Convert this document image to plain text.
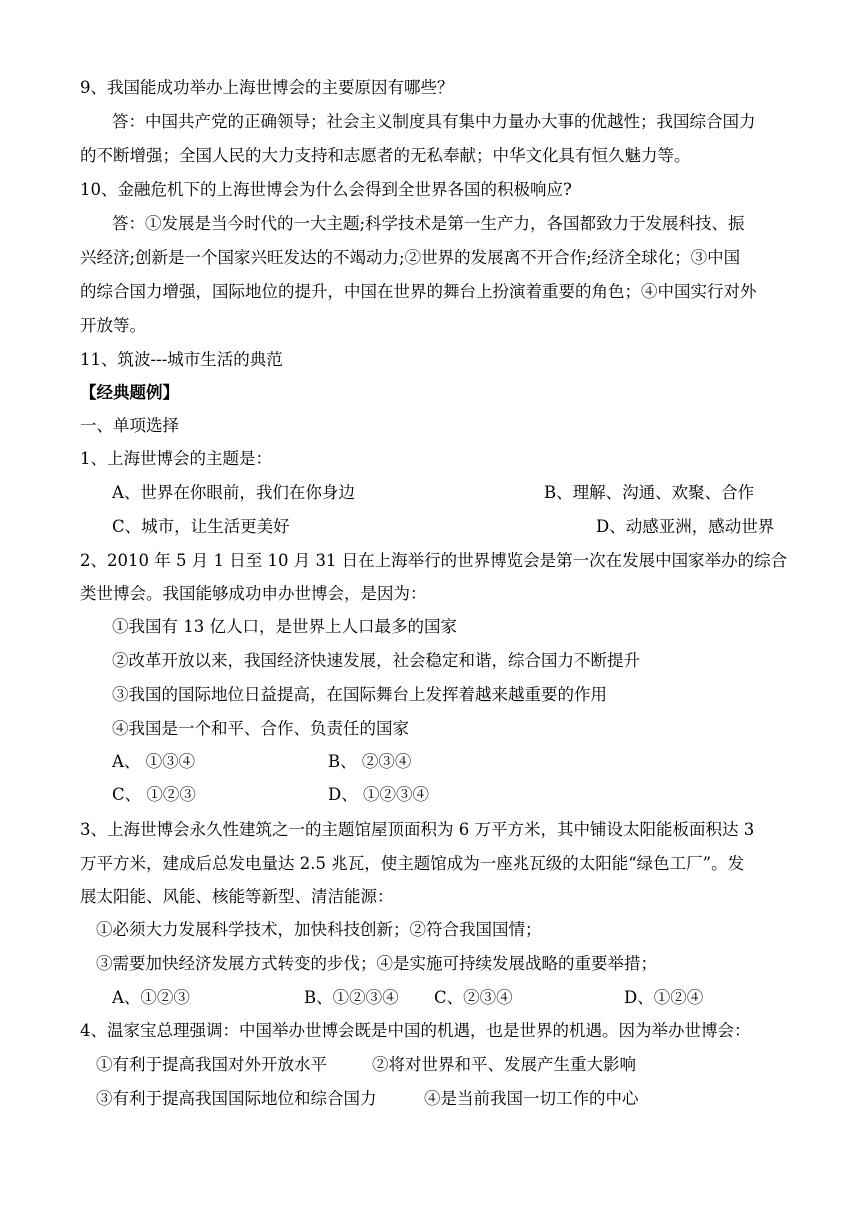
9、我国能成功举办上海世博会的主要原因有哪些？
答：中国共产党的正确领导；社会主义制度具有集中力量办大事的优越性；我国综合国力
的不断增强；全国人民的大力支持和志愿者的无私奉献；中华文化具有恒久魅力等。
10、金融危机下的上海世博会为什么会得到全世界各国的积极响应?
答：①发展是当今时代的一大主题;科学技术是第一生产力，各国都致力于发展科技、振
兴经济;创新是一个国家兴旺发达的不竭动力;②世界的发展离不开合作;经济全球化；③中国
的综合国力增强，国际地位的提升，中国在世界的舞台上扮演着重要的角色；④中国实行对外
开放等。
11、筑波---城市生活的典范
【经典题例】
一、单项选择
1、上海世博会的主题是：
A、世界在你眼前，我们在你身边	B、理解、沟通、欢聚、合作
C、城市，让生活更美好	D、动感亚洲，感动世界
2、2010 年 5 月 1 日至 10 月 31 日在上海举行的世界博览会是第一次在发展中国家举办的综合
类世博会。我国能够成功申办世博会，是因为：
①我国有 13 亿人口，是世界上人口最多的国家
②改革开放以来，我国经济快速发展，社会稳定和谐，综合国力不断提升
③我国的国际地位日益提高，在国际舞台上发挥着越来越重要的作用
④我国是一个和平、合作、负责任的国家
A、 ①③④	B、 ②③④
C、 ①②③	D、 ①②③④
3、上海世博会永久性建筑之一的主题馆屋顶面积为 6 万平方米，其中铺设太阳能板面积达 3
万平方米，建成后总发电量达 2.5 兆瓦，使主题馆成为一座兆瓦级的太阳能“绿色工厂”。发
展太阳能、风能、核能等新型、清洁能源：
①必须大力发展科学技术，加快科技创新；②符合我国国情；
③需要加快经济发展方式转变的步伐；④是实施可持续发展战略的重要举措；
A、①②③	B、①②③④ C、②③④	D、①②④
4、温家宝总理强调：中国举办世博会既是中国的机遇，也是世界的机遇。因为举办世博会：
①有利于提高我国对外开放水平	②将对世界和平、发展产生重大影响
③有利于提高我国国际地位和综合国力	④是当前我国一切工作的中心
